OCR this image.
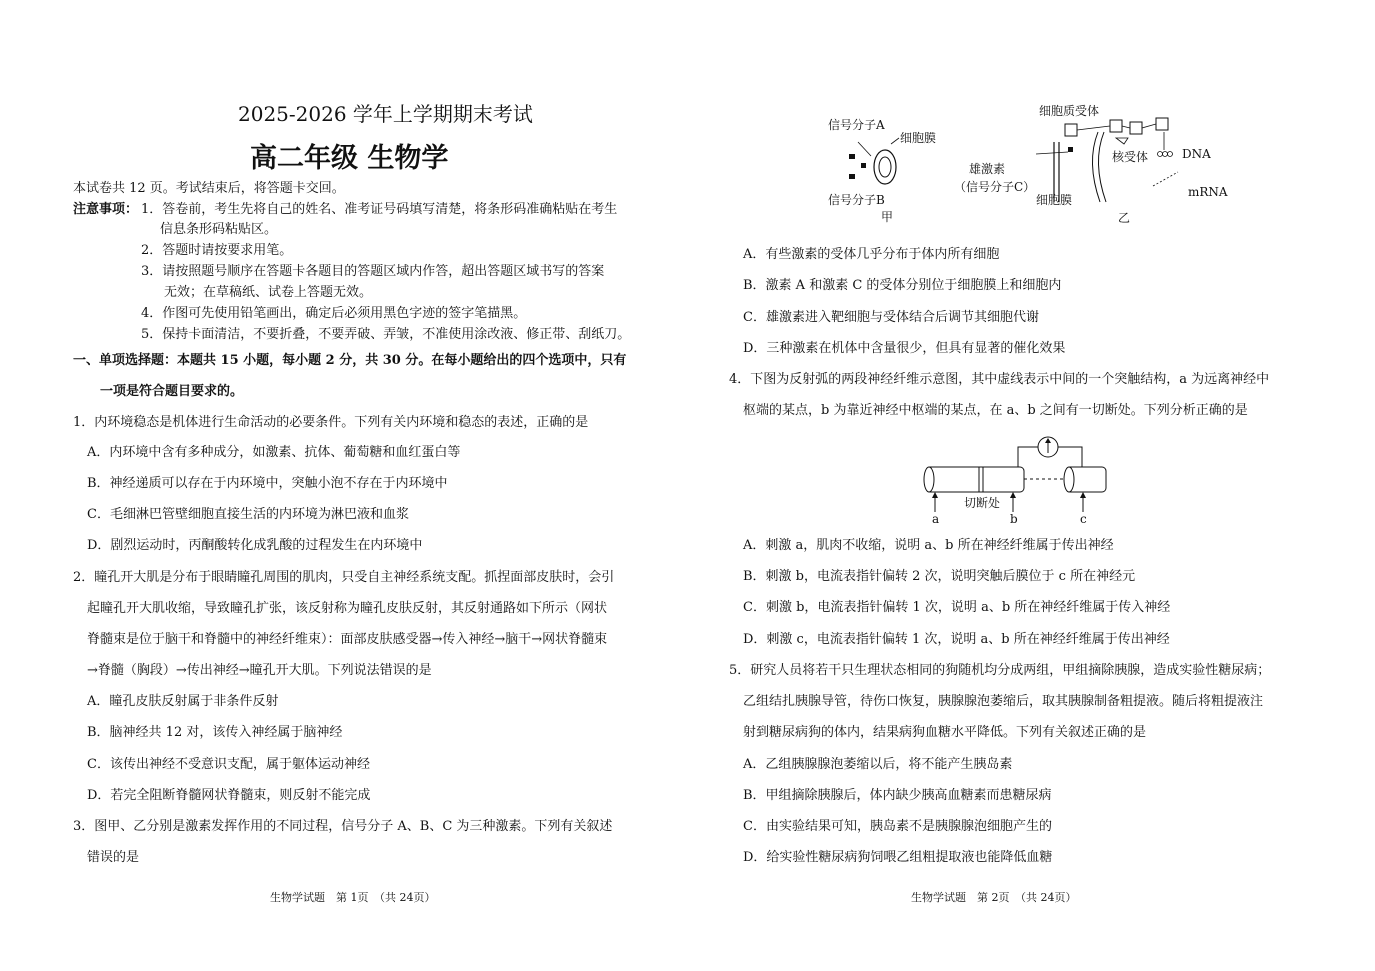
2025-2026 学年上学期期末考试
高二年级 生物学
本试卷共 12 页。考试结束后，将答题卡交回。
注意事项： 1．答卷前，考生先将自己的姓名、准考证号码填写清楚，将条形码准确粘贴在考生
信息条形码粘贴区。
2．答题时请按要求用笔。
3．请按照题号顺序在答题卡各题目的答题区域内作答，超出答题区域书写的答案
无效；在草稿纸、试卷上答题无效。
4．作图可先使用铅笔画出，确定后必须用黑色字迹的签字笔描黑。
5．保持卡面清洁，不要折叠，不要弄破、弄皱，不准使用涂改液、修正带、刮纸刀。
一、单项选择题：本题共 15 小题，每小题 2 分，共 30 分。在每小题给出的四个选项中，只有
一项是符合题目要求的。
1．内环境稳态是机体进行生命活动的必要条件。下列有关内环境和稳态的表述，正确的是
A．内环境中含有多种成分，如激素、抗体、葡萄糖和血红蛋白等
B．神经递质可以存在于内环境中，突触小泡不存在于内环境中
C．毛细淋巴管壁细胞直接生活的内环境为淋巴液和血浆
D．剧烈运动时，丙酮酸转化成乳酸的过程发生在内环境中
2．瞳孔开大肌是分布于眼睛瞳孔周围的肌肉，只受自主神经系统支配。抓捏面部皮肤时，会引
起瞳孔开大肌收缩，导致瞳孔扩张，该反射称为瞳孔皮肤反射，其反射通路如下所示（网状
脊髓束是位于脑干和脊髓中的神经纤维束）：面部皮肤感受器→传入神经→脑干→网状脊髓束
→脊髓（胸段）→传出神经→瞳孔开大肌。下列说法错误的是
A．瞳孔皮肤反射属于非条件反射
B．脑神经共 12 对，该传入神经属于脑神经
C．该传出神经不受意识支配，属于躯体运动神经
D．若完全阻断脊髓网状脊髓束，则反射不能完成
3．图甲、乙分别是激素发挥作用的不同过程，信号分子 A、B、C 为三种激素。下列有关叙述
错误的是
生物学试题　第 1页　（共 24页）
信号分子A
细胞膜
信号分子B
甲
细胞质受体
雄激素
（信号分子C）
细胞膜
核受体	DNA
mRNA
乙
A．有些激素的受体几乎分布于体内所有细胞
B．激素 A 和激素 C 的受体分别位于细胞膜上和细胞内
C．雄激素进入靶细胞与受体结合后调节其细胞代谢
D．三种激素在机体中含量很少，但具有显著的催化效果
4．下图为反射弧的两段神经纤维示意图，其中虚线表示中间的一个突触结构，a 为远离神经中
枢端的某点，b 为靠近神经中枢端的某点，在 a、b 之间有一切断处。下列分析正确的是
切断处
a	b	c
A．刺激 a，肌肉不收缩，说明 a、b 所在神经纤维属于传出神经
B．刺激 b，电流表指针偏转 2 次，说明突触后膜位于 c 所在神经元
C．刺激 b，电流表指针偏转 1 次，说明 a、b 所在神经纤维属于传入神经
D．刺激 c，电流表指针偏转 1 次，说明 a、b 所在神经纤维属于传出神经
5．研究人员将若干只生理状态相同的狗随机均分成两组，甲组摘除胰腺，造成实验性糖尿病；
乙组结扎胰腺导管，待伤口恢复，胰腺腺泡萎缩后，取其胰腺制备粗提液。随后将粗提液注
射到糖尿病狗的体内，结果病狗血糖水平降低。下列有关叙述正确的是
A．乙组胰腺腺泡萎缩以后，将不能产生胰岛素
B．甲组摘除胰腺后，体内缺少胰高血糖素而患糖尿病
C．由实验结果可知，胰岛素不是胰腺腺泡细胞产生的
D．给实验性糖尿病狗饲喂乙组粗提取液也能降低血糖
生物学试题　第 2页　（共 24页）
